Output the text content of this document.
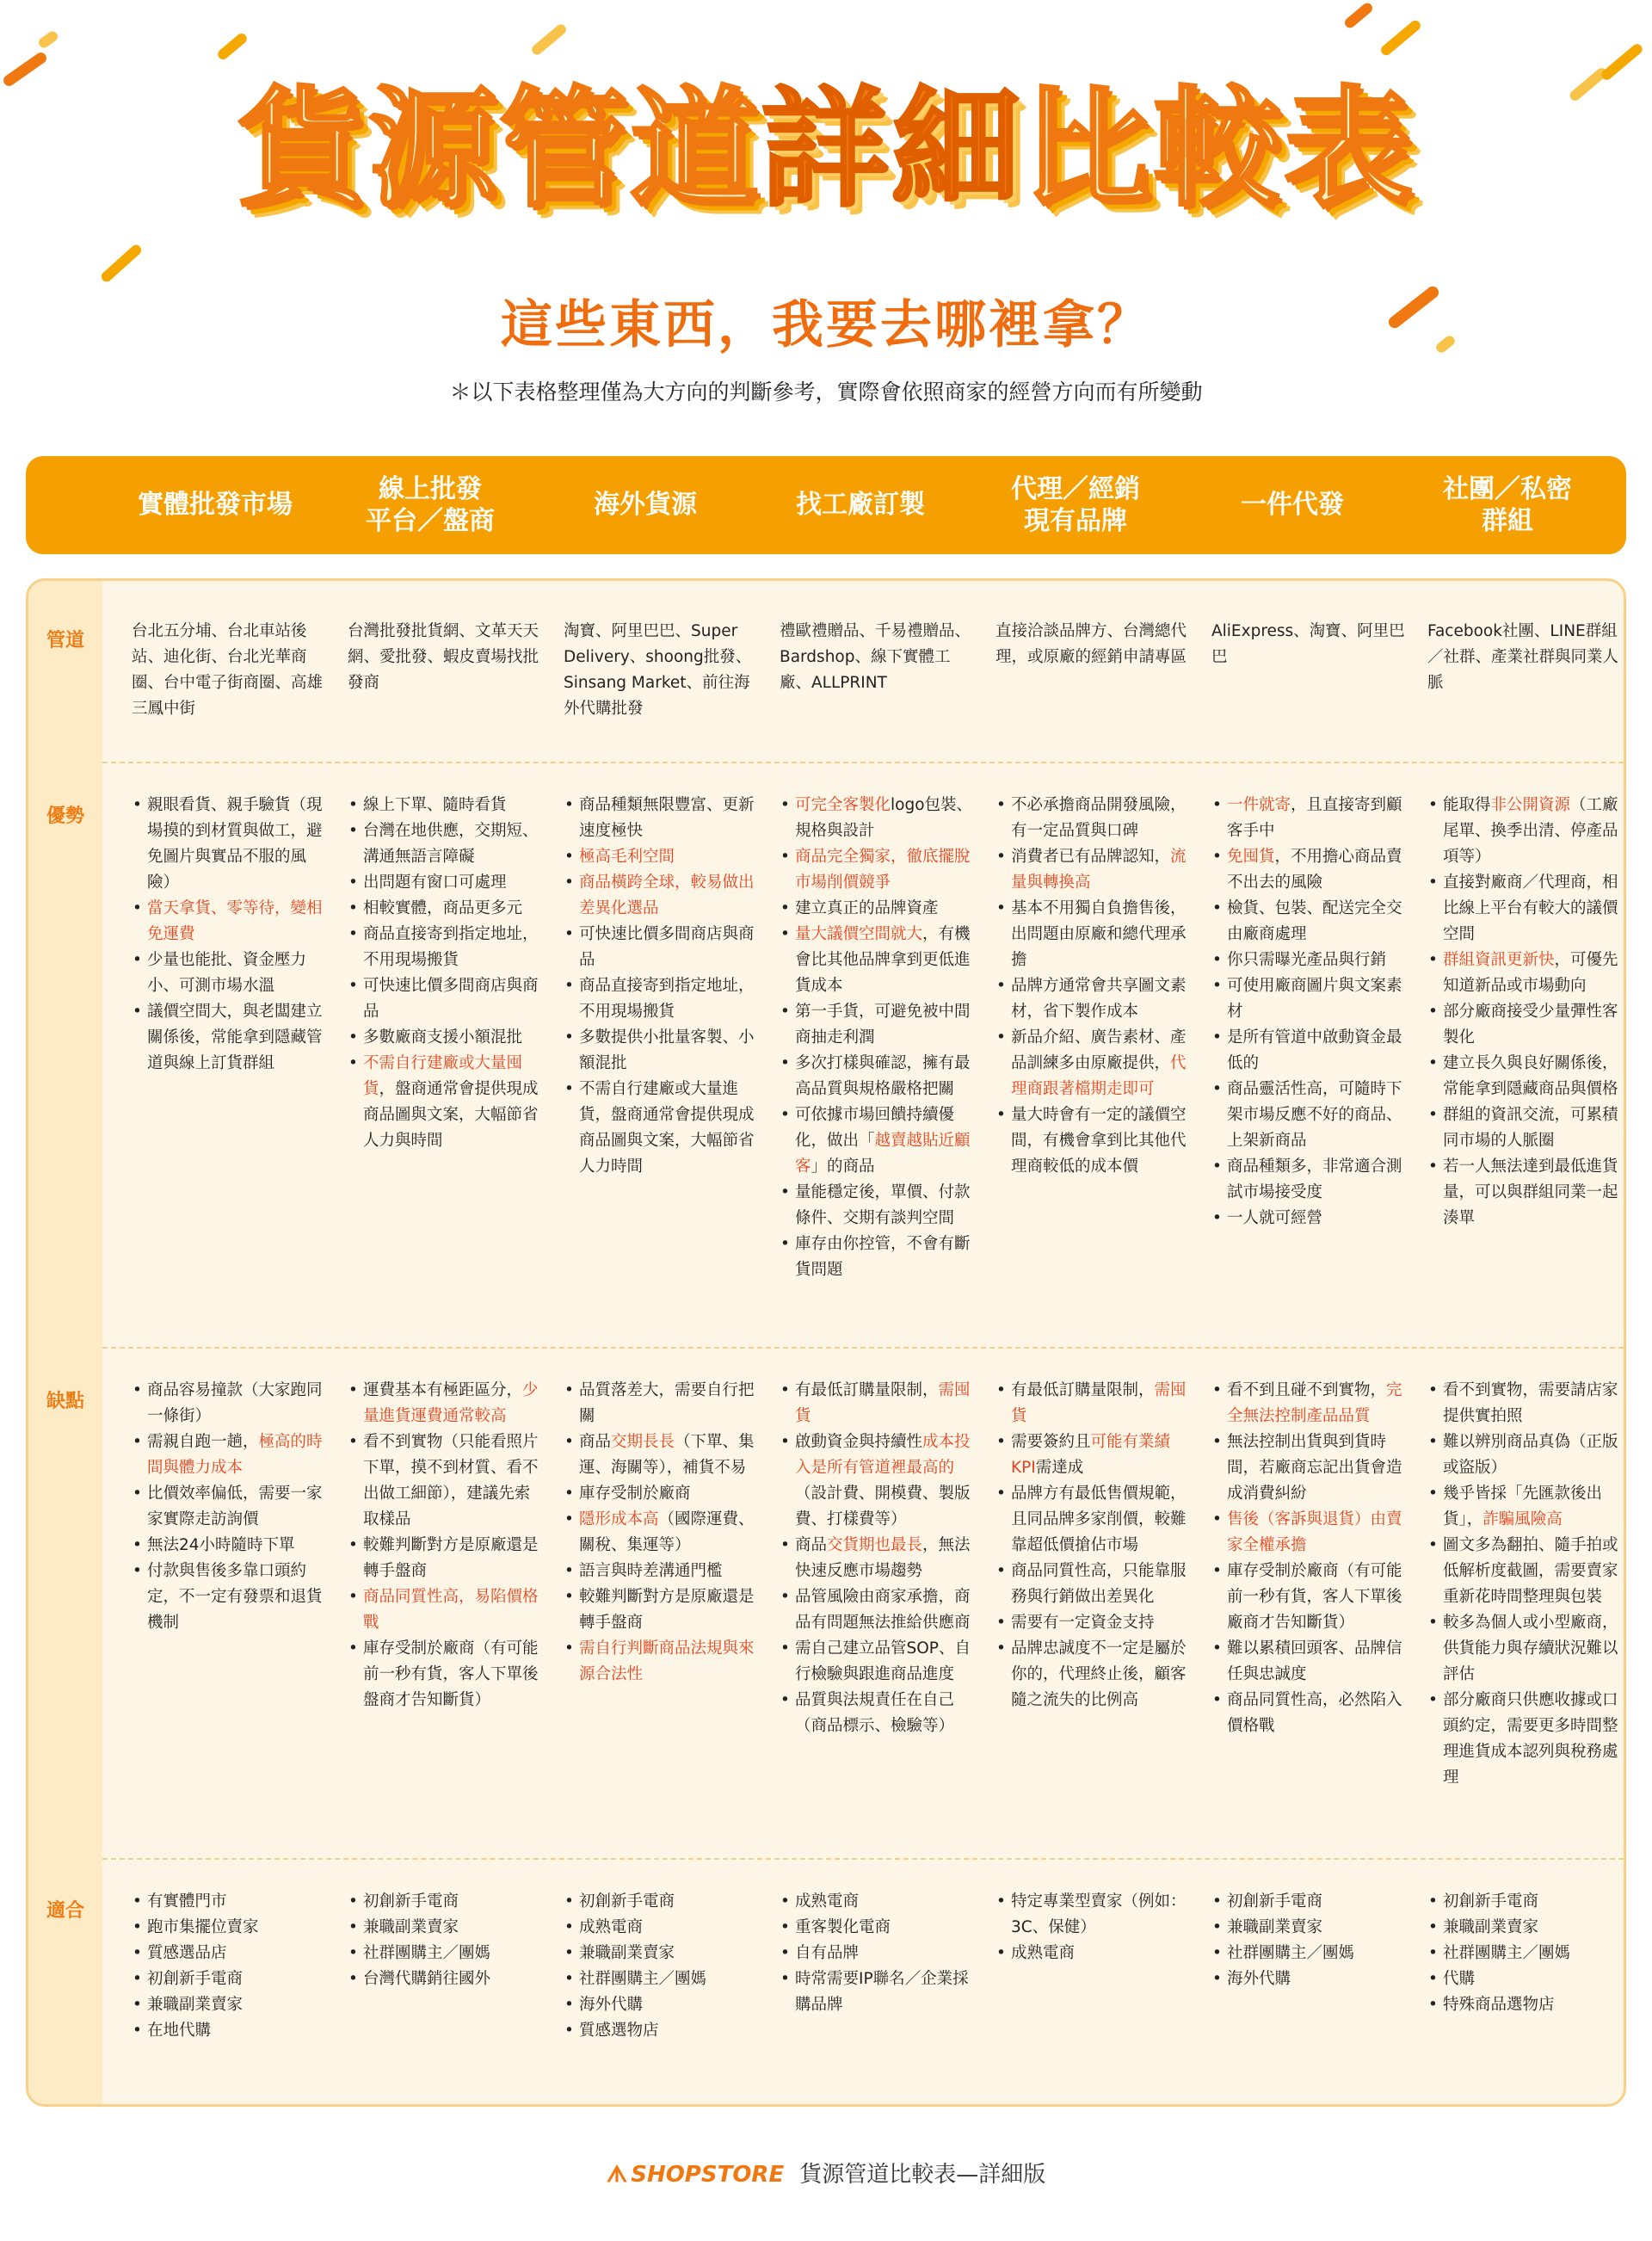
貨源管道詳細比較表
這些東西，我要去哪裡拿？
＊以下表格整理僅為大方向的判斷參考，實際會依照商家的經營方向而有所變動
實體批發市場
線上批發
平台／盤商
海外貨源	找工廠訂製
代理／經銷
現有品牌
一件代發
社團／私密
群組
管道
優勢
缺點
適合
台北五分埔、台北車站後站、迪化街、台北光華商圈、台中電子街商圈、高雄三鳳中街
台灣批發批貨網、文革天天網、愛批發、蝦皮賣場找批發商
淘寶、阿里巴巴、Super Delivery、shoong批發、Sinsang Market、前往海外代購批發
禮歐禮贈品、千易禮贈品、Bardshop、線下實體工廠、ALLPRINT
直接洽談品牌方、台灣總代理，或原廠的經銷申請專區
AliExpress、淘寶、阿里巴巴
Facebook社團、LINE群組／社群、產業社群與同業人脈
• 親眼看貨、親手驗貨（現場摸的到材質與做工，避免圖片與實品不服的風險）
• 當天拿貨、零等待，變相免運費
• 少量也能批、資金壓力小、可測市場水溫
• 議價空間大，與老闆建立關係後，常能拿到隱藏管道與線上訂貨群組
• 線上下單、隨時看貨
• 台灣在地供應，交期短、溝通無語言障礙
• 出問題有窗口可處理
• 相較實體，商品更多元
• 商品直接寄到指定地址，不用現場搬貨
• 可快速比價多間商店與商品
• 多數廠商支援小額混批
• 不需自行建廠或大量囤貨，盤商通常會提供現成商品圖與文案，大幅節省人力與時間
• 商品種類無限豐富、更新速度極快
• 極高毛利空間
• 商品橫跨全球，較易做出差異化選品
• 可快速比價多間商店與商品
• 商品直接寄到指定地址，不用現場搬貨
• 多數提供小批量客製、小額混批
• 不需自行建廠或大量進貨，盤商通常會提供現成商品圖與文案，大幅節省人力時間
• 可完全客製化logo包裝、規格與設計
• 商品完全獨家，徹底擺脫市場削價競爭
• 建立真正的品牌資產
• 量大議價空間就大，有機會比其他品牌拿到更低進貨成本
• 第一手貨，可避免被中間商抽走利潤
• 多次打樣與確認，擁有最高品質與規格嚴格把關
• 可依據市場回饋持續優化，做出「越賣越貼近顧客」的商品
• 量能穩定後，單價、付款條件、交期有談判空間
• 庫存由你控管，不會有斷貨問題
• 不必承擔商品開發風險，有一定品質與口碑
• 消費者已有品牌認知，流量與轉換高
• 基本不用獨自負擔售後，出問題由原廠和總代理承擔
• 品牌方通常會共享圖文素材，省下製作成本
• 新品介紹、廣告素材、產品訓練多由原廠提供，代理商跟著檔期走即可
• 量大時會有一定的議價空間，有機會拿到比其他代理商較低的成本價
• 一件就寄，且直接寄到顧客手中
• 免囤貨，不用擔心商品賣不出去的風險
• 檢貨、包裝、配送完全交由廠商處理
• 你只需曝光產品與行銷
• 可使用廠商圖片與文案素材
• 是所有管道中啟動資金最低的
• 商品靈活性高，可隨時下架市場反應不好的商品、上架新商品
• 商品種類多，非常適合測試市場接受度
• 一人就可經營
• 能取得非公開資源（工廠尾單、換季出清、停產品項等）
• 直接對廠商／代理商，相比線上平台有較大的議價空間
• 群組資訊更新快，可優先知道新品或市場動向
• 部分廠商接受少量彈性客製化
• 建立長久與良好關係後，常能拿到隱藏商品與價格
• 群組的資訊交流，可累積同市場的人脈圈
• 若一人無法達到最低進貨量，可以與群組同業一起湊單
• 商品容易撞款（大家跑同一條街）
• 需親自跑一趟，極高的時間與體力成本
• 比價效率偏低，需要一家家實際走訪詢價
• 無法24小時隨時下單
• 付款與售後多靠口頭約定，不一定有發票和退貨機制
• 運費基本有極距區分，少量進貨運費通常較高
• 看不到實物（只能看照片下單，摸不到材質、看不出做工細節），建議先索取樣品
• 較難判斷對方是原廠還是轉手盤商
• 商品同質性高，易陷價格戰
• 庫存受制於廠商（有可能前一秒有貨，客人下單後盤商才告知斷貨）
• 品質落差大，需要自行把關
• 商品交期長長（下單、集運、海關等），補貨不易
• 庫存受制於廠商
• 隱形成本高（國際運費、關稅、集運等）
• 語言與時差溝通門檻
• 較難判斷對方是原廠還是轉手盤商
• 需自行判斷商品法規與來源合法性
• 有最低訂購量限制，需囤貨
• 啟動資金與持續性成本投入是所有管道裡最高的（設計費、開模費、製版費、打樣費等）
• 商品交貨期也最長，無法快速反應市場趨勢
• 品管風險由商家承擔，商品有問題無法推給供應商
• 需自己建立品管SOP、自行檢驗與跟進商品進度
• 品質與法規責任在自己（商品標示、檢驗等）
• 有最低訂購量限制，需囤貨
• 需要簽約且可能有業績KPI需達成
• 品牌方有最低售價規範，且同品牌多家削價，較難靠超低價搶佔市場
• 商品同質性高，只能靠服務與行銷做出差異化
• 需要有一定資金支持
• 品牌忠誠度不一定是屬於你的，代理終止後，顧客隨之流失的比例高
• 看不到且碰不到實物，完全無法控制產品品質
• 無法控制出貨與到貨時間，若廠商忘記出貨會造成消費糾紛
• 售後（客訴與退貨）由賣家全權承擔
• 庫存受制於廠商（有可能前一秒有貨，客人下單後廠商才告知斷貨）
• 難以累積回頭客、品牌信任與忠誠度
• 商品同質性高，必然陷入價格戰
• 看不到實物，需要請店家提供實拍照
• 難以辨別商品真偽（正版或盜版）
• 幾乎皆採「先匯款後出貨」，詐騙風險高
• 圖文多為翻拍、隨手拍或低解析度截圖，需要賣家重新花時間整理與包裝
• 較多為個人或小型廠商，供貨能力與存續狀況難以評估
• 部分廠商只供應收據或口頭約定，需要更多時間整理進貨成本認列與稅務處理
• 有實體門市
• 跑市集擺位賣家
• 質感選品店
• 初創新手電商
• 兼職副業賣家
• 在地代購
• 初創新手電商
• 兼職副業賣家
• 社群團購主／團媽
• 台灣代購銷往國外
• 初創新手電商
• 成熟電商
• 兼職副業賣家
• 社群團購主／團媽
• 海外代購
• 質感選物店
• 成熟電商
• 重客製化電商
• 自有品牌
• 時常需要IP聯名／企業採購品牌
• 特定專業型賣家（例如：3C、保健）
• 成熟電商
• 初創新手電商
• 兼職副業賣家
• 社群團購主／團媽
• 海外代購
• 初創新手電商
• 兼職副業賣家
• 社群團購主／團媽
• 代購
• 特殊商品選物店
ᗑ SHOPSTORE 貨源管道比較表—詳細版
